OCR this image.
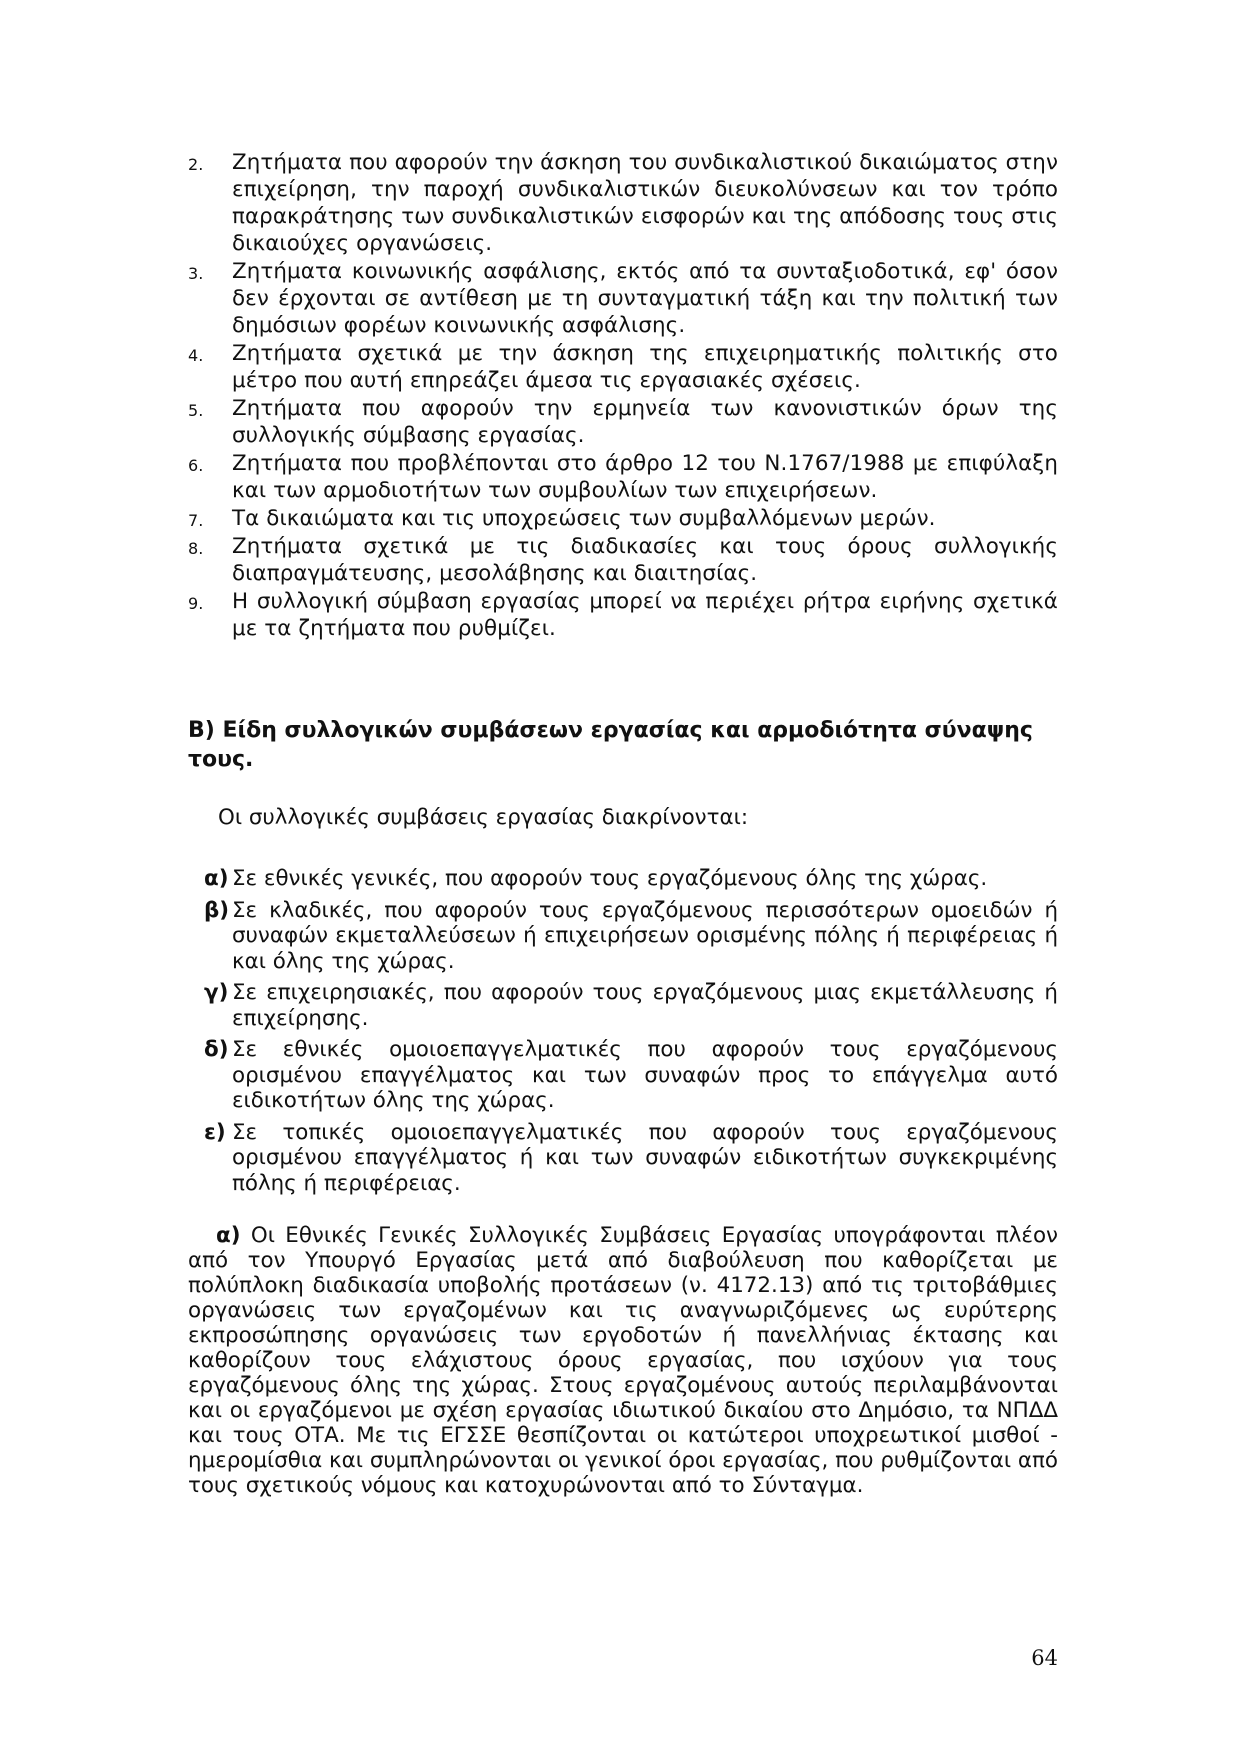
2. Ζητήματα που αφορούν την άσκηση του συνδικαλιστικού δικαιώματος στην επιχείρηση, την παροχή συνδικαλιστικών διευκολύνσεων και τον τρόπο παρακράτησης των συνδικαλιστικών εισφορών και της απόδοσης τους στις δικαιούχες οργανώσεις.
3. Ζητήματα κοινωνικής ασφάλισης, εκτός από τα συνταξιοδοτικά, εφ' όσον δεν έρχονται σε αντίθεση με τη συνταγματική τάξη και την πολιτική των δημόσιων φορέων κοινωνικής ασφάλισης.
4. Ζητήματα σχετικά με την άσκηση της επιχειρηματικής πολιτικής στο μέτρο που αυτή επηρεάζει άμεσα τις εργασιακές σχέσεις.
5. Ζητήματα που αφορούν την ερμηνεία των κανονιστικών όρων της συλλογικής σύμβασης εργασίας.
6. Ζητήματα που προβλέπονται στο άρθρο 12 του Ν.1767/1988 με επιφύλαξη και των αρμοδιοτήτων των συμβουλίων των επιχειρήσεων.
7. Τα δικαιώματα και τις υποχρεώσεις των συμβαλλόμενων μερών.
8. Ζητήματα σχετικά με τις διαδικασίες και τους όρους συλλογικής διαπραγμάτευσης, μεσολάβησης και διαιτησίας.
9. Η συλλογική σύμβαση εργασίας μπορεί να περιέχει ρήτρα ειρήνης σχετικά με τα ζητήματα που ρυθμίζει.
Β) Είδη συλλογικών συμβάσεων εργασίας και αρμοδιότητα σύναψης τους.

Οι συλλογικές συμβάσεις εργασίας διακρίνονται:

α) Σε εθνικές γενικές, που αφορούν τους εργαζόμενους όλης της χώρας.
β) Σε κλαδικές, που αφορούν τους εργαζόμενους περισσότερων ομοειδών ή συναφών εκμεταλλεύσεων ή επιχειρήσεων ορισμένης πόλης ή περιφέρειας ή και όλης της χώρας.
γ) Σε επιχειρησιακές, που αφορούν τους εργαζόμενους μιας εκμετάλλευσης ή επιχείρησης.
δ) Σε εθνικές ομοιοεπαγγελματικές που αφορούν τους εργαζόμενους ορισμένου επαγγέλματος και των συναφών προς το επάγγελμα αυτό ειδικοτήτων όλης της χώρας.
ε) Σε τοπικές ομοιοεπαγγελματικές που αφορούν τους εργαζόμενους ορισμένου επαγγέλματος ή και των συναφών ειδικοτήτων συγκεκριμένης πόλης ή περιφέρειας.

α) Οι Εθνικές Γενικές Συλλογικές Συμβάσεις Εργασίας υπογράφονται πλέον από τον Υπουργό Εργασίας μετά από διαβούλευση που καθορίζεται με πολύπλοκη διαδικασία υποβολής προτάσεων (ν. 4172.13) από τις τριτοβάθμιες οργανώσεις των εργαζομένων και τις αναγνωριζόμενες ως ευρύτερης εκπροσώπησης οργανώσεις των εργοδοτών ή πανελλήνιας έκτασης και καθορίζουν τους ελάχιστους όρους εργασίας, που ισχύουν για τους εργαζόμενους όλης της χώρας. Στους εργαζομένους αυτούς περιλαμβάνονται και οι εργαζόμενοι με σχέση εργασίας ιδιωτικού δικαίου στο Δημόσιο, τα ΝΠΔΔ και τους ΟΤΑ. Με τις ΕΓΣΣΕ θεσπίζονται οι κατώτεροι υποχρεωτικοί μισθοί - ημερομίσθια και συμπληρώνονται οι γενικοί όροι εργασίας, που ρυθμίζονται από τους σχετικούς νόμους και κατοχυρώνονται από το Σύνταγμα.

64
